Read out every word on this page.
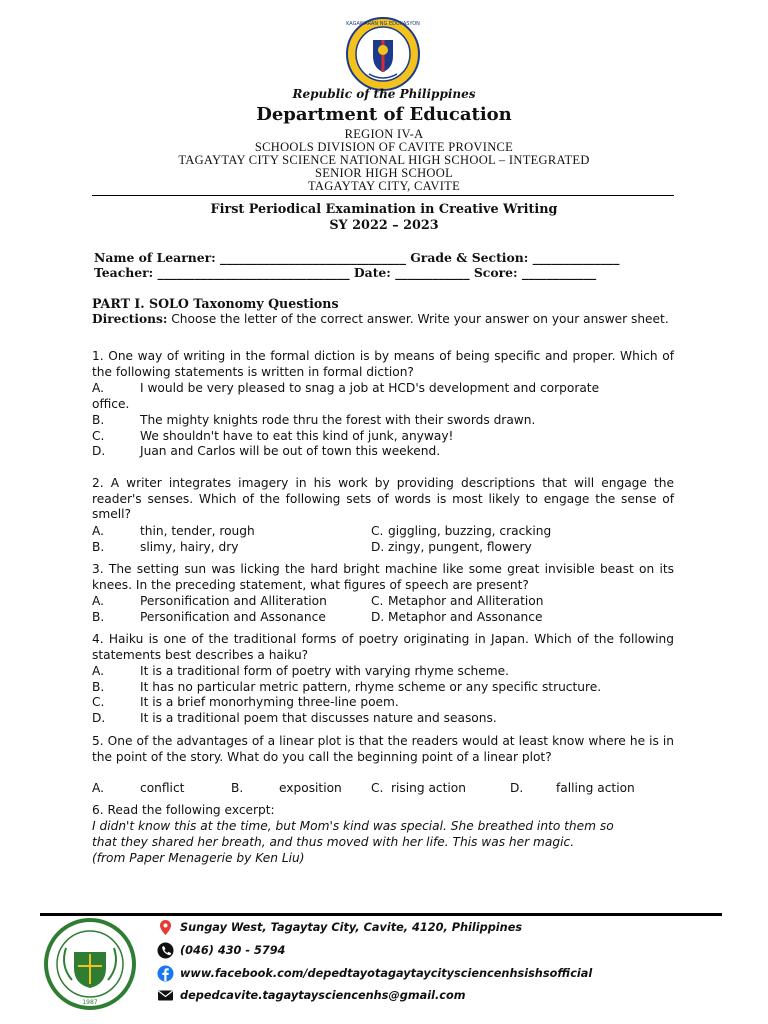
KAGAWARAN NG EDUKASYON
Republic of the Philippines
Department of Education
REGION IV-A
SCHOOLS DIVISION OF CAVITE PROVINCE
TAGAYTAY CITY SCIENCE NATIONAL HIGH SCHOOL – INTEGRATED
SENIOR HIGH SCHOOL
TAGAYTAY CITY, CAVITE
First Periodical Examination in Creative Writing
SY 2022 – 2023
Name of Learner: ______________________________ Grade & Section: ______________
Teacher: _______________________________ Date: ____________ Score: ____________
PART I. SOLO Taxonomy Questions
Directions: Choose the letter of the correct answer. Write your answer on your answer sheet.
1. One way of writing in the formal diction is by means of being specific and proper. Which of the following statements is written in formal diction?
A.	I would be very pleased to snag a job at HCD's development and corporate
office.
B.	The mighty knights rode thru the forest with their swords drawn.
C.	We shouldn't have to eat this kind of junk, anyway!
D.	Juan and Carlos will be out of town this weekend.
2. A writer integrates imagery in his work by providing descriptions that will engage the reader's senses. Which of the following sets of words is most likely to engage the sense of smell?
A.	thin, tender, rough	C. giggling, buzzing, cracking
B.	slimy, hairy, dry	D. zingy, pungent, flowery
3. The setting sun was licking the hard bright machine like some great invisible beast on its knees. In the preceding statement, what figures of speech are present?
A.	Personification and Alliteration	C. Metaphor and Alliteration
B.	Personification and Assonance	D. Metaphor and Assonance
4. Haiku is one of the traditional forms of poetry originating in Japan. Which of the following statements best describes a haiku?
A.	It is a traditional form of poetry with varying rhyme scheme.
B.	It has no particular metric pattern, rhyme scheme or any specific structure.
C.	It is a brief monorhyming three-line poem.
D.	It is a traditional poem that discusses nature and seasons.
5. One of the advantages of a linear plot is that the readers would at least know where he is in the point of the story. What do you call the beginning point of a linear plot?
A.	conflict	B.	exposition C. rising action	D.	falling action
6. Read the following excerpt:
I didn't know this at the time, but Mom's kind was special. She breathed into them so
that they shared her breath, and thus moved with her life. This was her magic.
(from Paper Menagerie by Ken Liu)
1987
Sungay West, Tagaytay City, Cavite, 4120, Philippines
(046) 430 - 5794
www.facebook.com/depedtayotagaytaycitysciencenhsishsofficial
depedcavite.tagaytaysciencenhs@gmail.com
